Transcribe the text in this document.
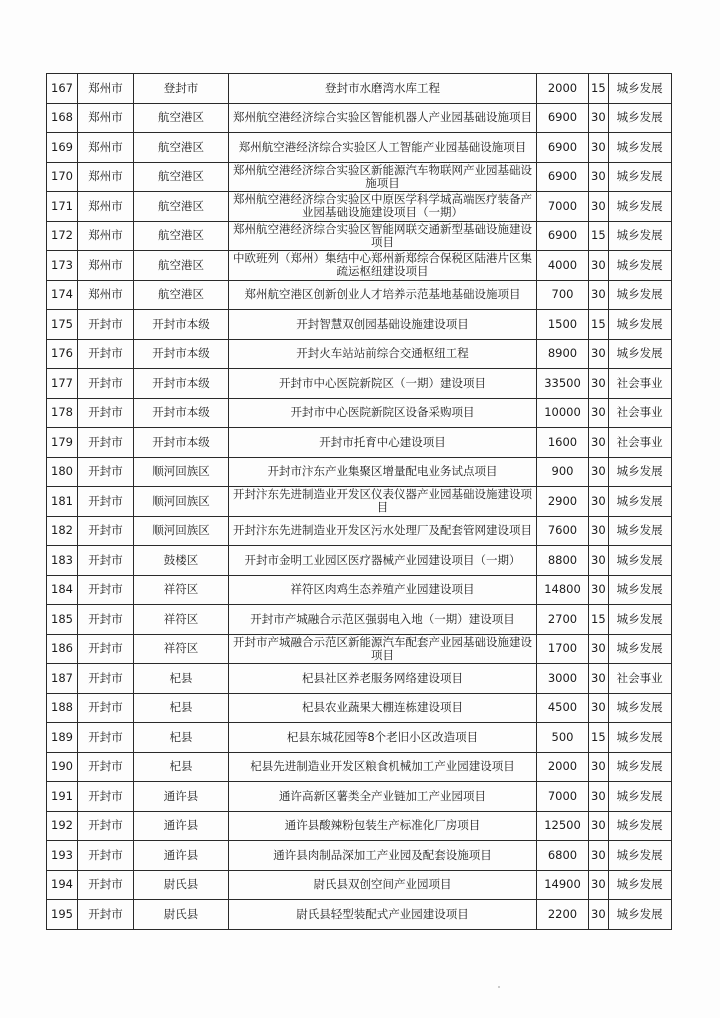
167	郑州市	登封市	登封市水磨湾水库工程	2000	15	城乡发展
168	郑州市	航空港区	郑州航空港经济综合实验区智能机器人产业园基础设施项目	6900	30	城乡发展
169	郑州市	航空港区	郑州航空港经济综合实验区人工智能产业园基础设施项目	6900	30	城乡发展
170	郑州市	航空港区	郑州航空港经济综合实验区新能源汽车物联网产业园基础设施项目	6900	30	城乡发展
171	郑州市	航空港区	郑州航空港经济综合实验区中原医学科学城高端医疗装备产业园基础设施建设项目（一期）	7000	30	城乡发展
172	郑州市	航空港区	郑州航空港经济综合实验区智能网联交通新型基础设施建设项目	6900	15	城乡发展
173	郑州市	航空港区	中欧班列（郑州）集结中心郑州新郑综合保税区陆港片区集疏运枢纽建设项目	4000	30	城乡发展
174	郑州市	航空港区	郑州航空港区创新创业人才培养示范基地基础设施项目	700	30	城乡发展
175	开封市	开封市本级	开封智慧双创园基础设施建设项目	1500	15	城乡发展
176	开封市	开封市本级	开封火车站站前综合交通枢纽工程	8900	30	城乡发展
177	开封市	开封市本级	开封市中心医院新院区（一期）建设项目	33500	30	社会事业
178	开封市	开封市本级	开封市中心医院新院区设备采购项目	10000	30	社会事业
179	开封市	开封市本级	开封市托育中心建设项目	1600	30	社会事业
180	开封市	顺河回族区	开封市汴东产业集聚区增量配电业务试点项目	900	30	城乡发展
181	开封市	顺河回族区	开封汴东先进制造业开发区仪表仪器产业园基础设施建设项目	2900	30	城乡发展
182	开封市	顺河回族区	开封汴东先进制造业开发区污水处理厂及配套管网建设项目	7600	30	城乡发展
183	开封市	鼓楼区	开封市金明工业园区医疗器械产业园建设项目（一期）	8800	30	城乡发展
184	开封市	祥符区	祥符区肉鸡生态养殖产业园建设项目	14800	30	城乡发展
185	开封市	祥符区	开封市产城融合示范区强弱电入地（一期）建设项目	2700	15	城乡发展
186	开封市	祥符区	开封市产城融合示范区新能源汽车配套产业园基础设施建设项目	1700	30	城乡发展
187	开封市	杞县	杞县社区养老服务网络建设项目	3000	30	社会事业
188	开封市	杞县	杞县农业蔬果大棚连栋建设项目	4500	30	城乡发展
189	开封市	杞县	杞县东城花园等8个老旧小区改造项目	500	15	城乡发展
190	开封市	杞县	杞县先进制造业开发区粮食机械加工产业园建设项目	2000	30	城乡发展
191	开封市	通许县	通许高新区薯类全产业链加工产业园项目	7000	30	城乡发展
192	开封市	通许县	通许县酸辣粉包装生产标准化厂房项目	12500	30	城乡发展
193	开封市	通许县	通许县肉制品深加工产业园及配套设施项目	6800	30	城乡发展
194	开封市	尉氏县	尉氏县双创空间产业园项目	14900	30	城乡发展
195	开封市	尉氏县	尉氏县轻型装配式产业园建设项目	2200	30	城乡发展
